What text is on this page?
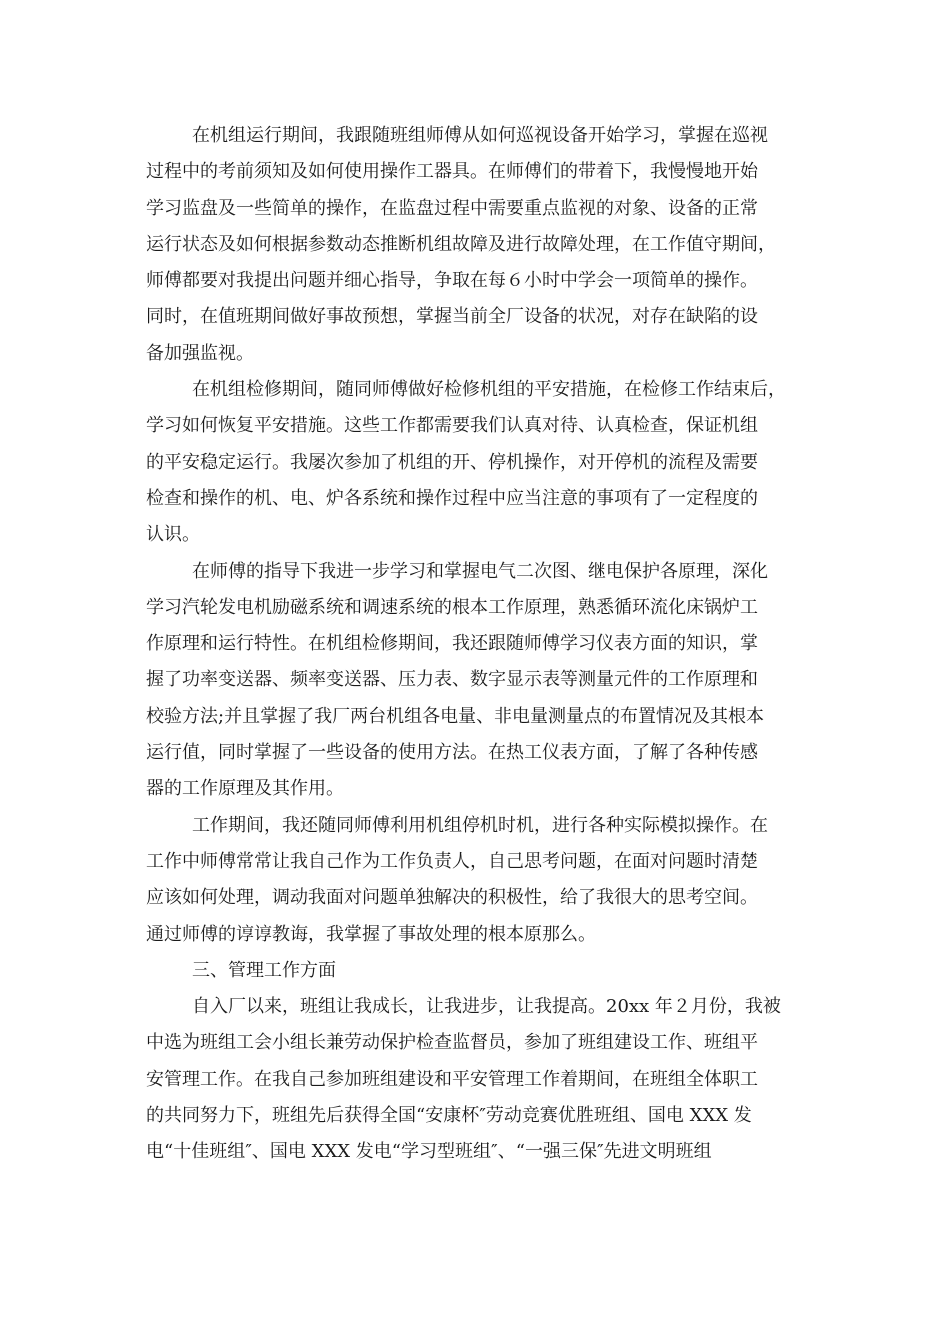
在机组运行期间，我跟随班组师傅从如何巡视设备开始学习，掌握在巡视
过程中的考前须知及如何使用操作工器具。在师傅们的带着下，我慢慢地开始
学习监盘及一些简单的操作，在监盘过程中需要重点监视的对象、设备的正常
运行状态及如何根据参数动态推断机组故障及进行故障处理，在工作值守期间，
师傅都要对我提出问题并细心指导，争取在每６小时中学会一项简单的操作。
同时，在值班期间做好事故预想，掌握当前全厂设备的状况，对存在缺陷的设
备加强监视。
在机组检修期间，随同师傅做好检修机组的平安措施，在检修工作结束后，
学习如何恢复平安措施。这些工作都需要我们认真对待、认真检查，保证机组
的平安稳定运行。我屡次参加了机组的开、停机操作，对开停机的流程及需要
检查和操作的机、电、炉各系统和操作过程中应当注意的事项有了一定程度的
认识。
在师傅的指导下我进一步学习和掌握电气二次图、继电保护各原理，深化
学习汽轮发电机励磁系统和调速系统的根本工作原理，熟悉循环流化床锅炉工
作原理和运行特性。在机组检修期间，我还跟随师傅学习仪表方面的知识，掌
握了功率变送器、频率变送器、压力表、数字显示表等测量元件的工作原理和
校验方法;并且掌握了我厂两台机组各电量、非电量测量点的布置情况及其根本
运行值，同时掌握了一些设备的使用方法。在热工仪表方面，了解了各种传感
器的工作原理及其作用。
工作期间，我还随同师傅利用机组停机时机，进行各种实际模拟操作。在
工作中师傅常常让我自己作为工作负责人，自己思考问题，在面对问题时清楚
应该如何处理，调动我面对问题单独解决的积极性，给了我很大的思考空间。
通过师傅的谆谆教诲，我掌握了事故处理的根本原那么。
三、管理工作方面
自入厂以来，班组让我成长，让我进步，让我提高。20xx 年２月份，我被
中选为班组工会小组长兼劳动保护检查监督员，参加了班组建设工作、班组平
安管理工作。在我自己参加班组建设和平安管理工作着期间，在班组全体职工
的共同努力下，班组先后获得全国“安康杯″劳动竞赛优胜班组、国电 XXX 发
电“十佳班组″、国电 XXX 发电“学习型班组″、“一强三保″先进文明班组
